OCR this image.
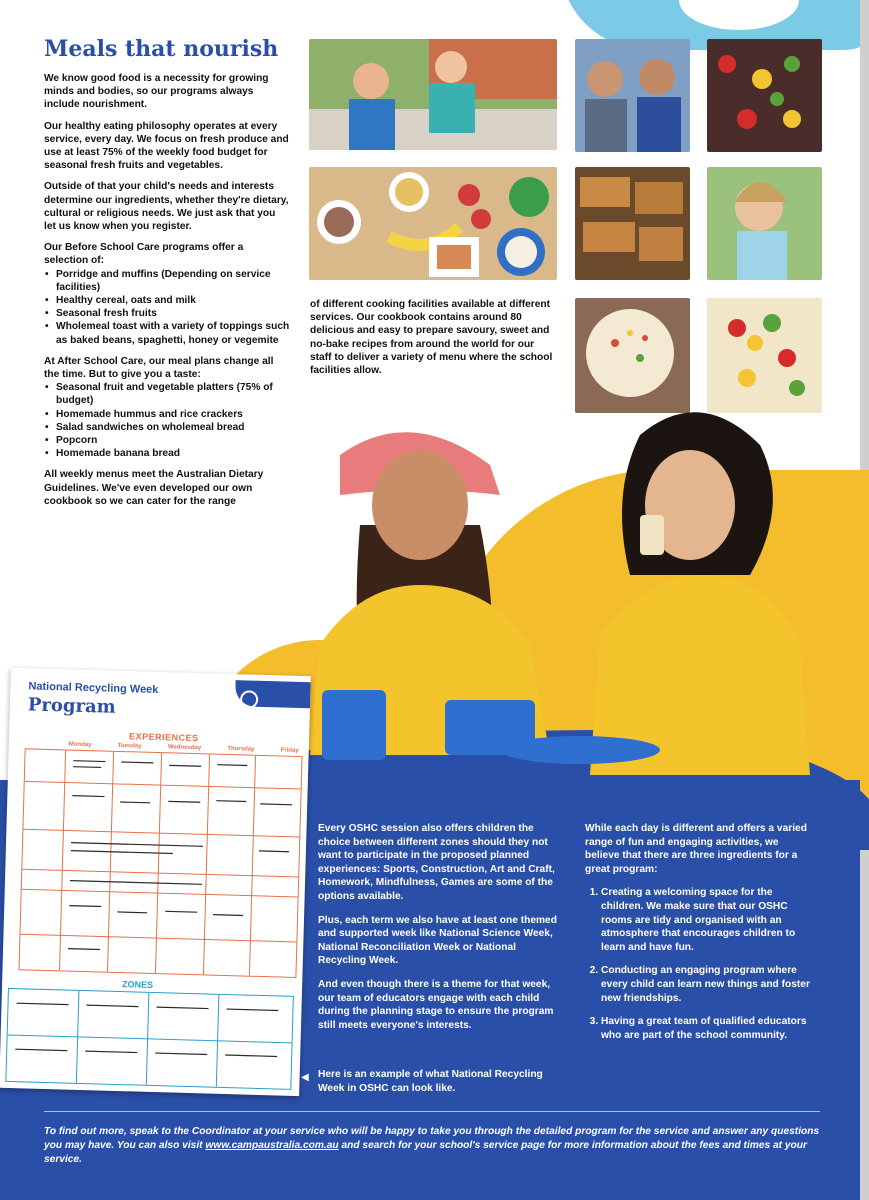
Meals that nourish

We know good food is a necessity for growing minds and bodies, so our programs always include nourishment.

Our healthy eating philosophy operates at every service, every day. We focus on fresh produce and use at least 75% of the weekly food budget for seasonal fresh fruits and vegetables.

Outside of that your child's needs and interests determine our ingredients, whether they're dietary, cultural or religious needs. We just ask that you let us know when you register.

Our Before School Care programs offer a selection of:

• Porridge and muffins (Depending on service facilities)
• Healthy cereal, oats and milk
• Seasonal fresh fruits
• Wholemeal toast with a variety of toppings such as baked beans, spaghetti, honey or vegemite

At After School Care, our meal plans change all the time. But to give you a taste:

• Seasonal fruit and vegetable platters (75% of budget)
• Homemade hummus and rice crackers
• Salad sandwiches on wholemeal bread
• Popcorn
• Homemade banana bread

All weekly menus meet the Australian Dietary Guidelines. We've even developed our own cookbook so we can cater for the range

of different cooking facilities available at different services. Our cookbook contains around 80 delicious and easy to prepare savoury, sweet and no-bake recipes from around the world for our staff to deliver a variety of menu where the school facilities allow.
National Recycling Week
Program
EXPERIENCES
Monday	Tuesday	Wednesday	Thursday	Friday
ZONES

Every OSHC session also offers children the choice between different zones should they not want to participate in the proposed planned experiences: Sports, Construction, Art and Craft, Homework, Mindfulness, Games are some of the options available.

Plus, each term we also have at least one themed and supported week like National Science Week, National Reconciliation Week or National Recycling Week.

And even though there is a theme for that week, our team of educators engage with each child during the planning stage to ensure the program still meets everyone's interests.

◀ Here is an example of what National Recycling Week in OSHC can look like.

While each day is different and offers a varied range of fun and engaging activities, we believe that there are three ingredients for a great program:

1. Creating a welcoming space for the children. We make sure that our OSHC rooms are tidy and organised with an atmosphere that encourages children to learn and have fun.
2. Conducting an engaging program where every child can learn new things and foster new friendships.
3. Having a great team of qualified educators who are part of the school community.
To find out more, speak to the Coordinator at your service who will be happy to take you through the detailed program for the service and answer any questions you may have. You can also visit www.campaustralia.com.au and search for your school's service page for more information about the fees and times at your service.
